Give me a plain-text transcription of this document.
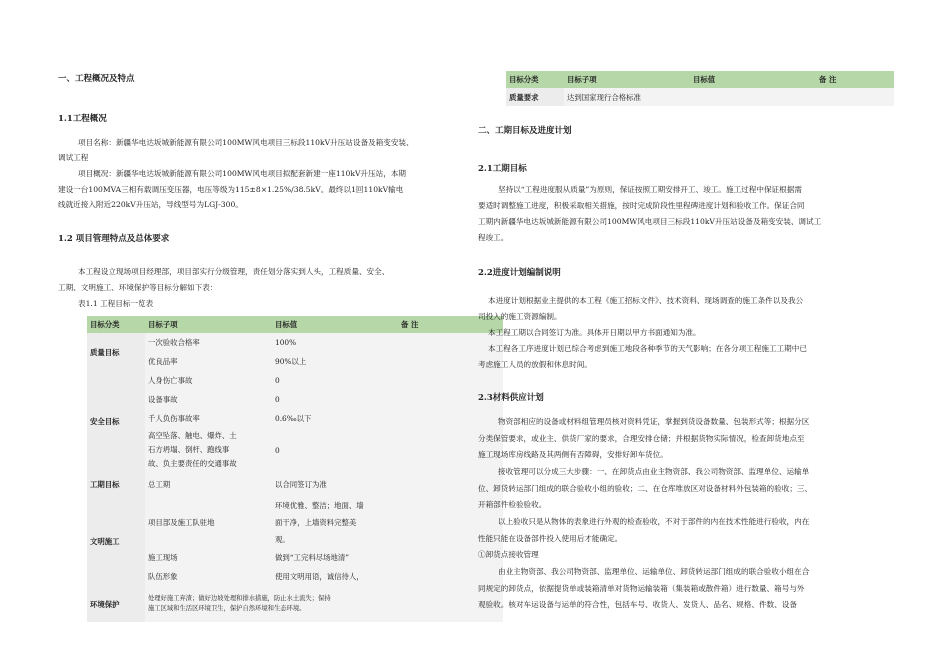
一、工程概况及特点
1.1工程概况
项目名称：新疆华电达坂城新能源有限公司100MW风电项目三标段110kV升压站设备及箱变安装、
调试工程
项目概况：新疆华电达坂城新能源有限公司100MW风电项目拟配套新建一座110kV升压站，本期
建设一台100MVA三相有载调压变压器，电压等级为115±8×1.25%/38.5kV。最终以1回110kV输电
线就近接入附近220kV升压站，导线型号为LGJ-300。
1.2 项目管理特点及总体要求
本工程设立现场项目经理部，项目部实行分级管理，责任划分落实到人头，工程质量、安全、
工期、文明施工、环境保护等目标分解如下表：
表1.1 工程目标一览表
目标分类	目标子项	目标值	备 注
质量目标	一次验收合格率	100%	
	优良品率	90%以上	
安全目标	人身伤亡事故	0	
	设备事故	0	
	千人负伤事故率	0.6‰以下	

	高空坠落、触电、爆炸、土
石方坍塌、倒杆、跑线事
故、负主要责任的交通事故	0	
工期目标	总工期	以合同签订为准	
文明施工	项目部及施工队驻地	环境优雅、整洁；地面、墙
面干净，上墙资料完整美
观。	

	施工现场	做到“工完料尽场地清”	
	队伍形象	使用文明用语，诚信待人，	
环境保护	处理好施工弃渣；做好边坡处理和排水措施，防止水土流失；保持
施工区域和生活区环境卫生，保护自然环境和生态环境。		
目标分类	目标子项	目标值	备 注
质量要求	达到国家现行合格标准		
二、工期目标及进度计划
2.1工期目标
坚持以“工程进度服从质量”为原则，保证按照工期安排开工、竣工。施工过程中保证根据需
要适时调整施工进度，积极采取相关措施，按时完成阶段性里程碑进度计划和验收工作。保证合同
工期内新疆华电达坂城新能源有限公司100MW风电项目三标段110kV升压站设备及箱变安装、调试工
程竣工。
2.2进度计划编制说明
本进度计划根据业主提供的本工程《施工招标文件》、技术资料、现场调查的施工条件以及我公
司投入的施工资源编制。
本工程工期以合同签订为准。具体开日期以甲方书面通知为准。
本工程各工序进度计划已综合考虑到施工地段各种季节的天气影响；在各分项工程施工工期中已
考虑施工人员的放假和休息时间。
2.3材料供应计划
物资部相应的设备或材料组管理员核对资料凭证，掌握到货设备数量、包装形式等；根据分区
分类保管要求，或业主、供货厂家的要求，合理安排仓储；并根据货物实际情况，检查卸货地点至
施工现场库房线路及其两侧有否障碍，安排好卸车货位。
接收管理可以分成三大步骤：一、在卸货点由业主物资部、我公司物资部、监理单位、运输单
位、卸货转运部门组成的联合验收小组的验收；二、在仓库堆放区对设备材料外包装箱的验收；三、
开箱部件检验验收。
以上验收只是从物体的表象进行外观的检查验收，不对于部件的内在技术性能进行验收，内在
性能只能在设备部件投入使用后才能确定。
①卸货点接收管理
由业主物资部、我公司物资部、监理单位、运输单位、卸货转运部门组成的联合验收小组在合
同规定的卸货点，依据提货单或装箱清单对货物运输装箱（集装箱或散件箱）进行数量、箱号与外
观验收。核对车运设备与运单的符合性，包括车号、收货人、发货人、品名、规格、件数、设备
